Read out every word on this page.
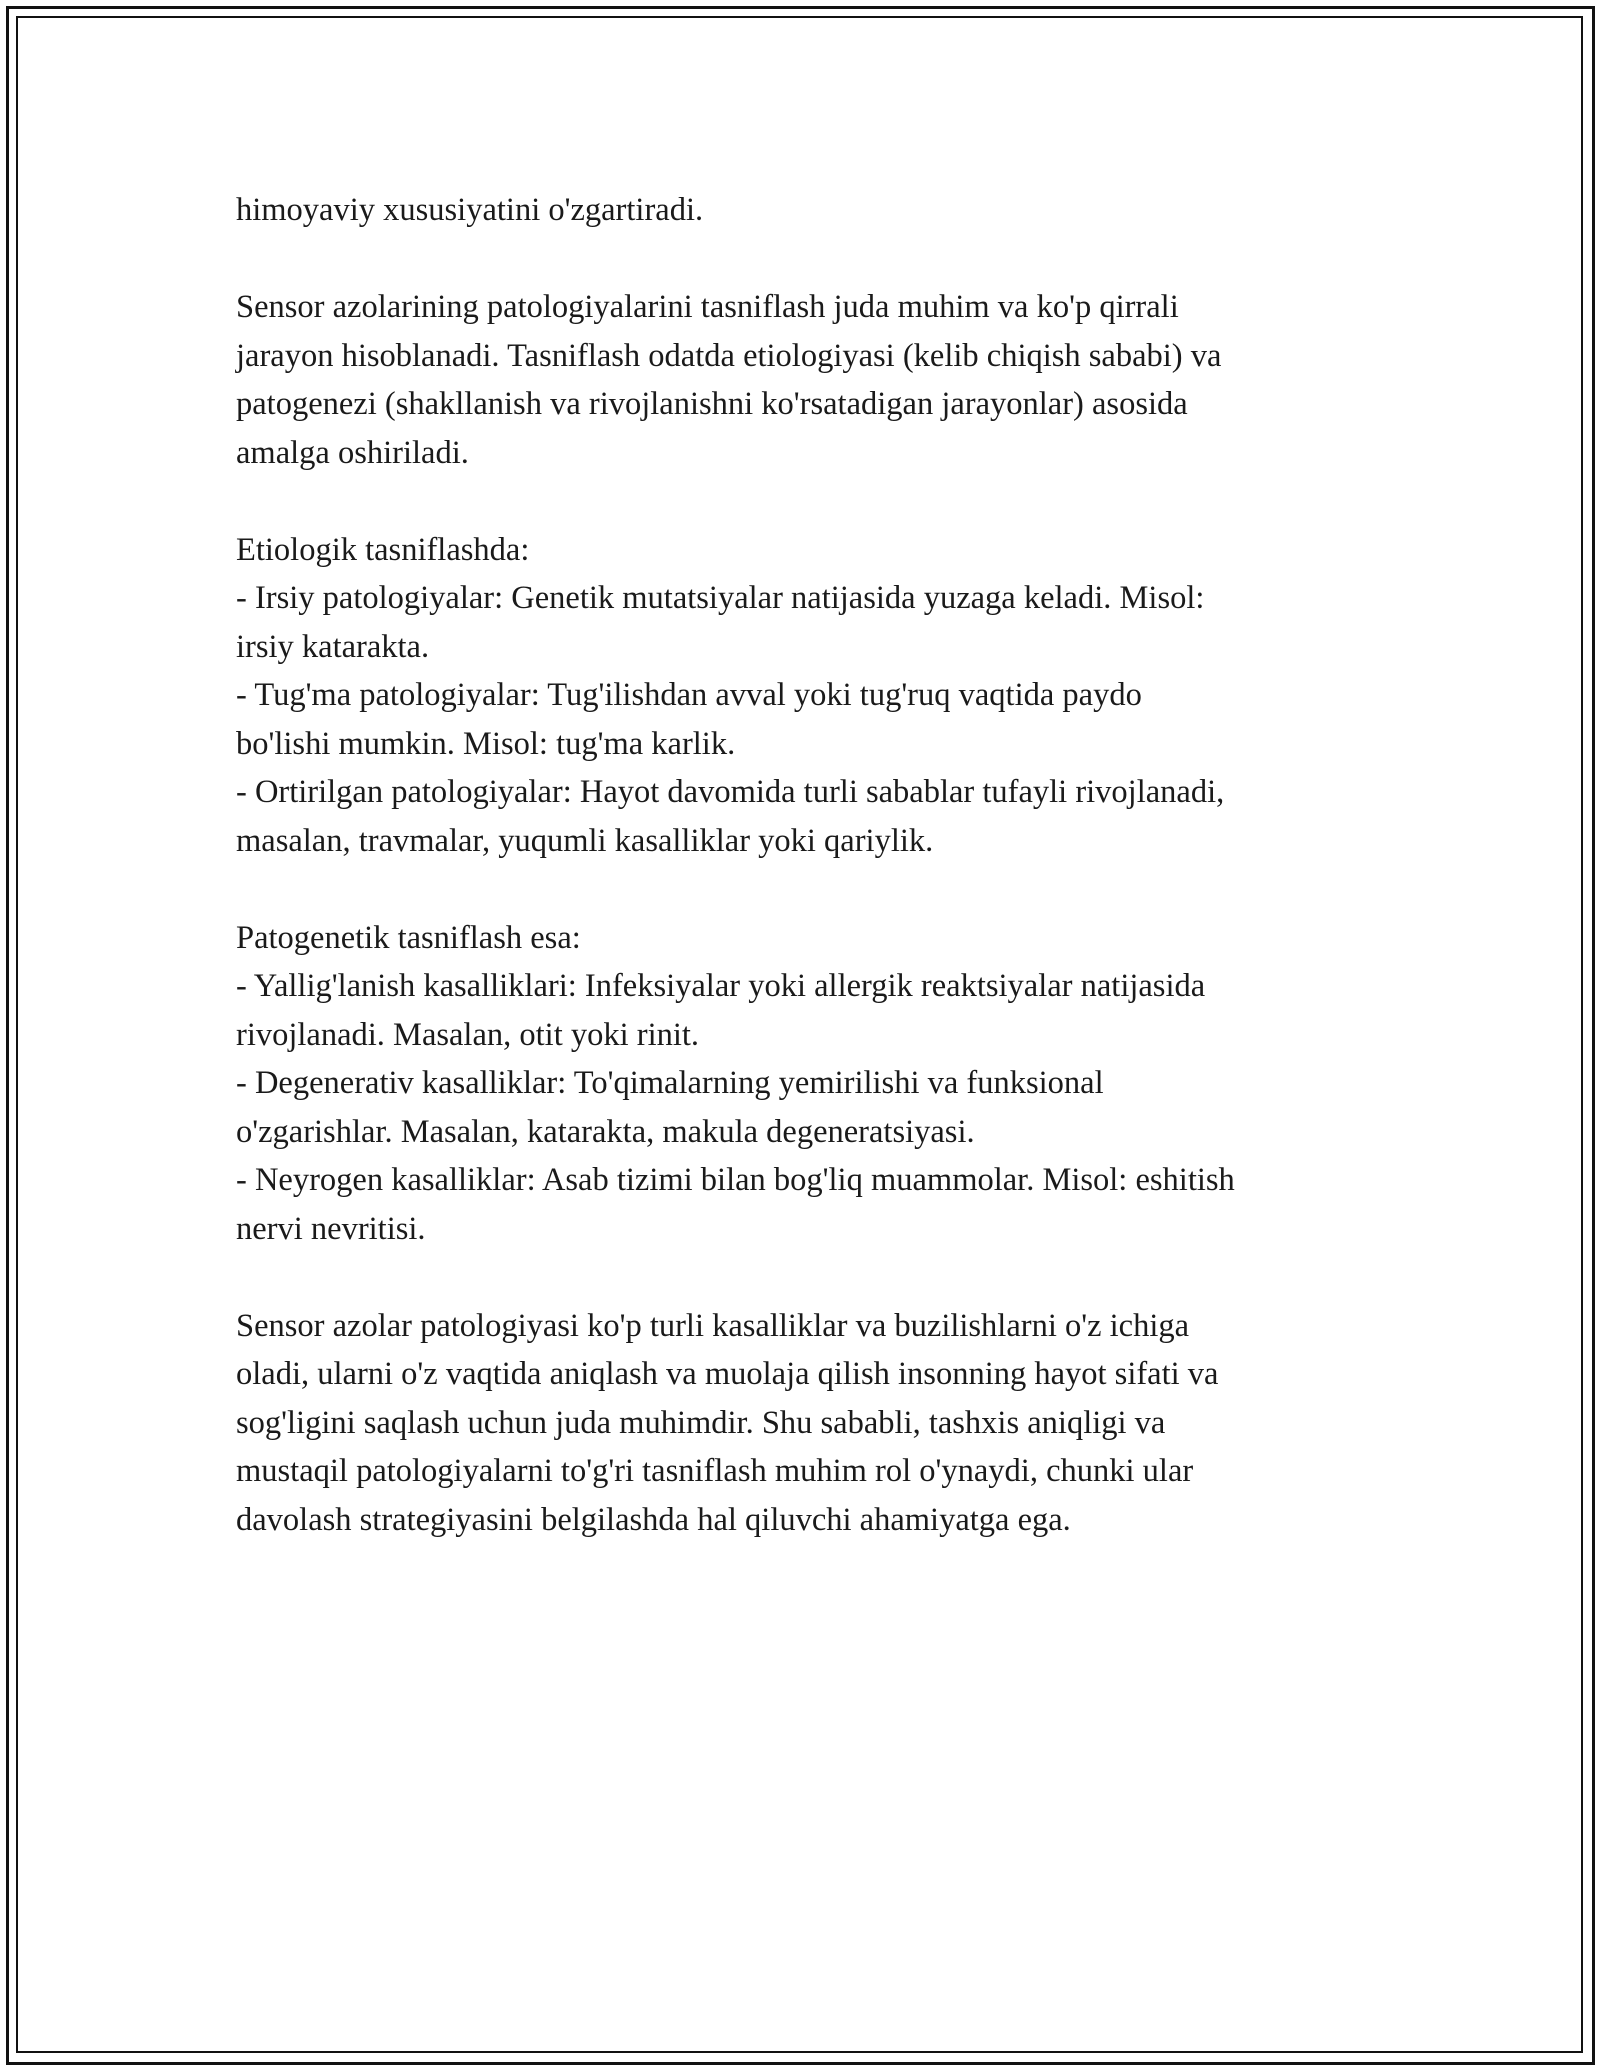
himoyaviy xususiyatini o'zgartiradi.
Sensor azolarining patologiyalarini tasniflash juda muhim va ko'p qirrali
jarayon hisoblanadi. Tasniflash odatda etiologiyasi (kelib chiqish sababi) va
patogenezi (shakllanish va rivojlanishni ko'rsatadigan jarayonlar) asosida
amalga oshiriladi.
Etiologik tasniflashda:
- Irsiy patologiyalar: Genetik mutatsiyalar natijasida yuzaga keladi. Misol:
irsiy katarakta.
- Tug'ma patologiyalar: Tug'ilishdan avval yoki tug'ruq vaqtida paydo
bo'lishi mumkin. Misol: tug'ma karlik.
- Ortirilgan patologiyalar: Hayot davomida turli sabablar tufayli rivojlanadi,
masalan, travmalar, yuqumli kasalliklar yoki qariylik.
Patogenetik tasniflash esa:
- Yallig'lanish kasalliklari: Infeksiyalar yoki allergik reaktsiyalar natijasida
rivojlanadi. Masalan, otit yoki rinit.
- Degenerativ kasalliklar: To'qimalarning yemirilishi va funksional
o'zgarishlar. Masalan, katarakta, makula degeneratsiyasi.
- Neyrogen kasalliklar: Asab tizimi bilan bog'liq muammolar. Misol: eshitish
nervi nevritisi.
Sensor azolar patologiyasi ko'p turli kasalliklar va buzilishlarni o'z ichiga
oladi, ularni o'z vaqtida aniqlash va muolaja qilish insonning hayot sifati va
sog'ligini saqlash uchun juda muhimdir. Shu sababli, tashxis aniqligi va
mustaqil patologiyalarni to'g'ri tasniflash muhim rol o'ynaydi, chunki ular
davolash strategiyasini belgilashda hal qiluvchi ahamiyatga ega.
